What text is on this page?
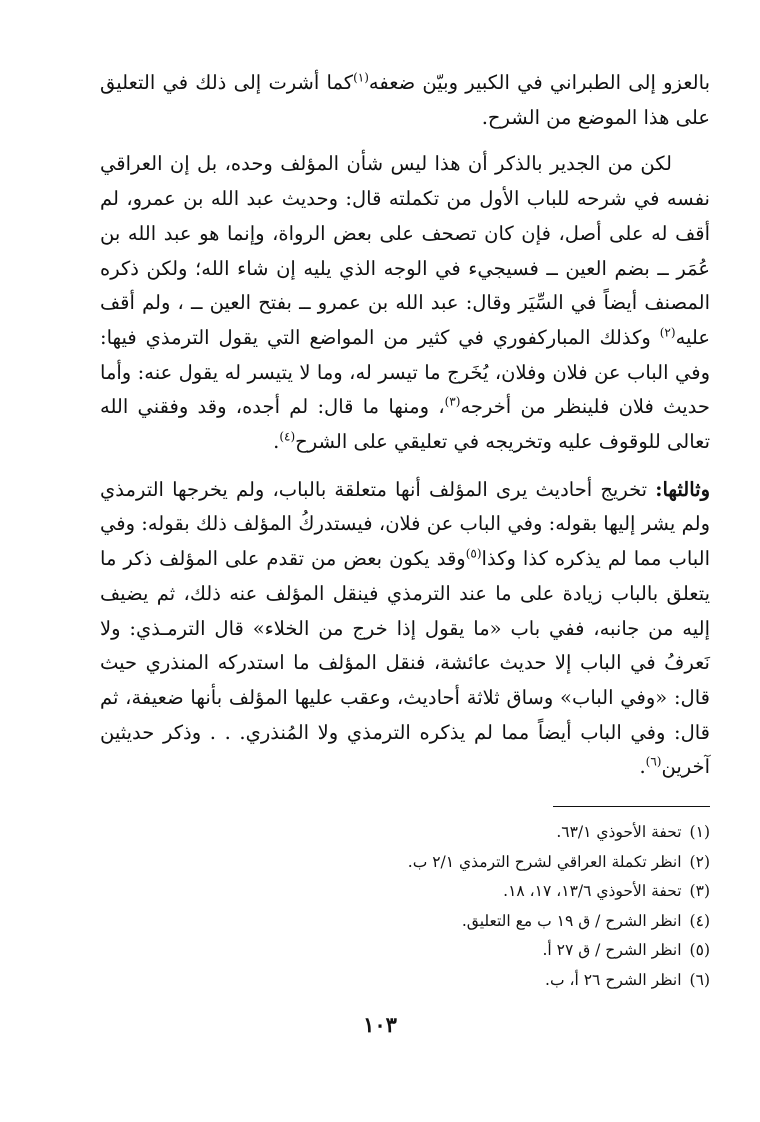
بالعزو إلى الطبراني في الكبير وبيّن ضعفه$^{(١)}$كما أشرت إلى ذلك في التعليق على هذا الموضع من الشرح.

لكن من الجدير بالذكر أن هذا ليس شأن المؤلف وحده، بل إن العراقي نفسه في شرحه للباب الأول من تكملته قال: وحديث عبد الله بن عمرو، لم أقف له على أصل، فإن كان تصحف على بعض الرواة، وإنما هو عبد الله بن عُمَر ــ بضم العين ــ فسيجيء في الوجه الذي يليه إن شاء الله؛ ولكن ذكره المصنف أيضاً في السِّيَر وقال: عبد الله بن عمرو ــ بفتح العين ــ ، ولم أقف عليه$^{(٢)}$ وكذلك المباركفوري في كثير من المواضع التي يقول الترمذي فيها: وفي الباب عن فلان وفلان، يُخَرج ما تيسر له، وما لا يتيسر له يقول عنه: وأما حديث فلان فلينظر من أخرجه$^{(٣)}$، ومنها ما قال: لم أجده، وقد وفقني الله تعالى للوقوف عليه وتخريجه في تعليقي على الشرح$^{(٤)}$.

وثالثها: تخريج أحاديث يرى المؤلف أنها متعلقة بالباب، ولم يخرجها الترمذي ولم يشر إليها بقوله: وفي الباب عن فلان، فيستدركُ المؤلف ذلك بقوله: وفي الباب مما لم يذكره كذا وكذا$^{(٥)}$وقد يكون بعض من تقدم على المؤلف ذكر ما يتعلق بالباب زيادة على ما عند الترمذي فينقل المؤلف عنه ذلك، ثم يضيف إليه من جانبه، ففي باب «ما يقول إذا خرج من الخلاء» قال الترمـذي: ولا نَعرفُ في الباب إلا حديث عائشة، فنقل المؤلف ما استدركه المنذري حيث قال: «وفي الباب» وساق ثلاثة أحاديث، وعقب عليها المؤلف بأنها ضعيفة، ثم قال: وفي الباب أيضاً مما لم يذكره الترمذي ولا المُنذري. . . وذكر حديثين آخرين$^{(٦)}$.

(١)تحفة الأحوذي ٦٣/١.
(٢)انظر تكملة العراقي لشرح الترمذي ٢/١ ب.
(٣)تحفة الأحوذي ١٣/٦، ١٧، ١٨.
(٤)انظر الشرح / ق ١٩ ب مع التعليق.
(٥)انظر الشرح / ق ٢٧ أ.
(٦)انظر الشرح ٢٦ أ، ب.
١٠٣
